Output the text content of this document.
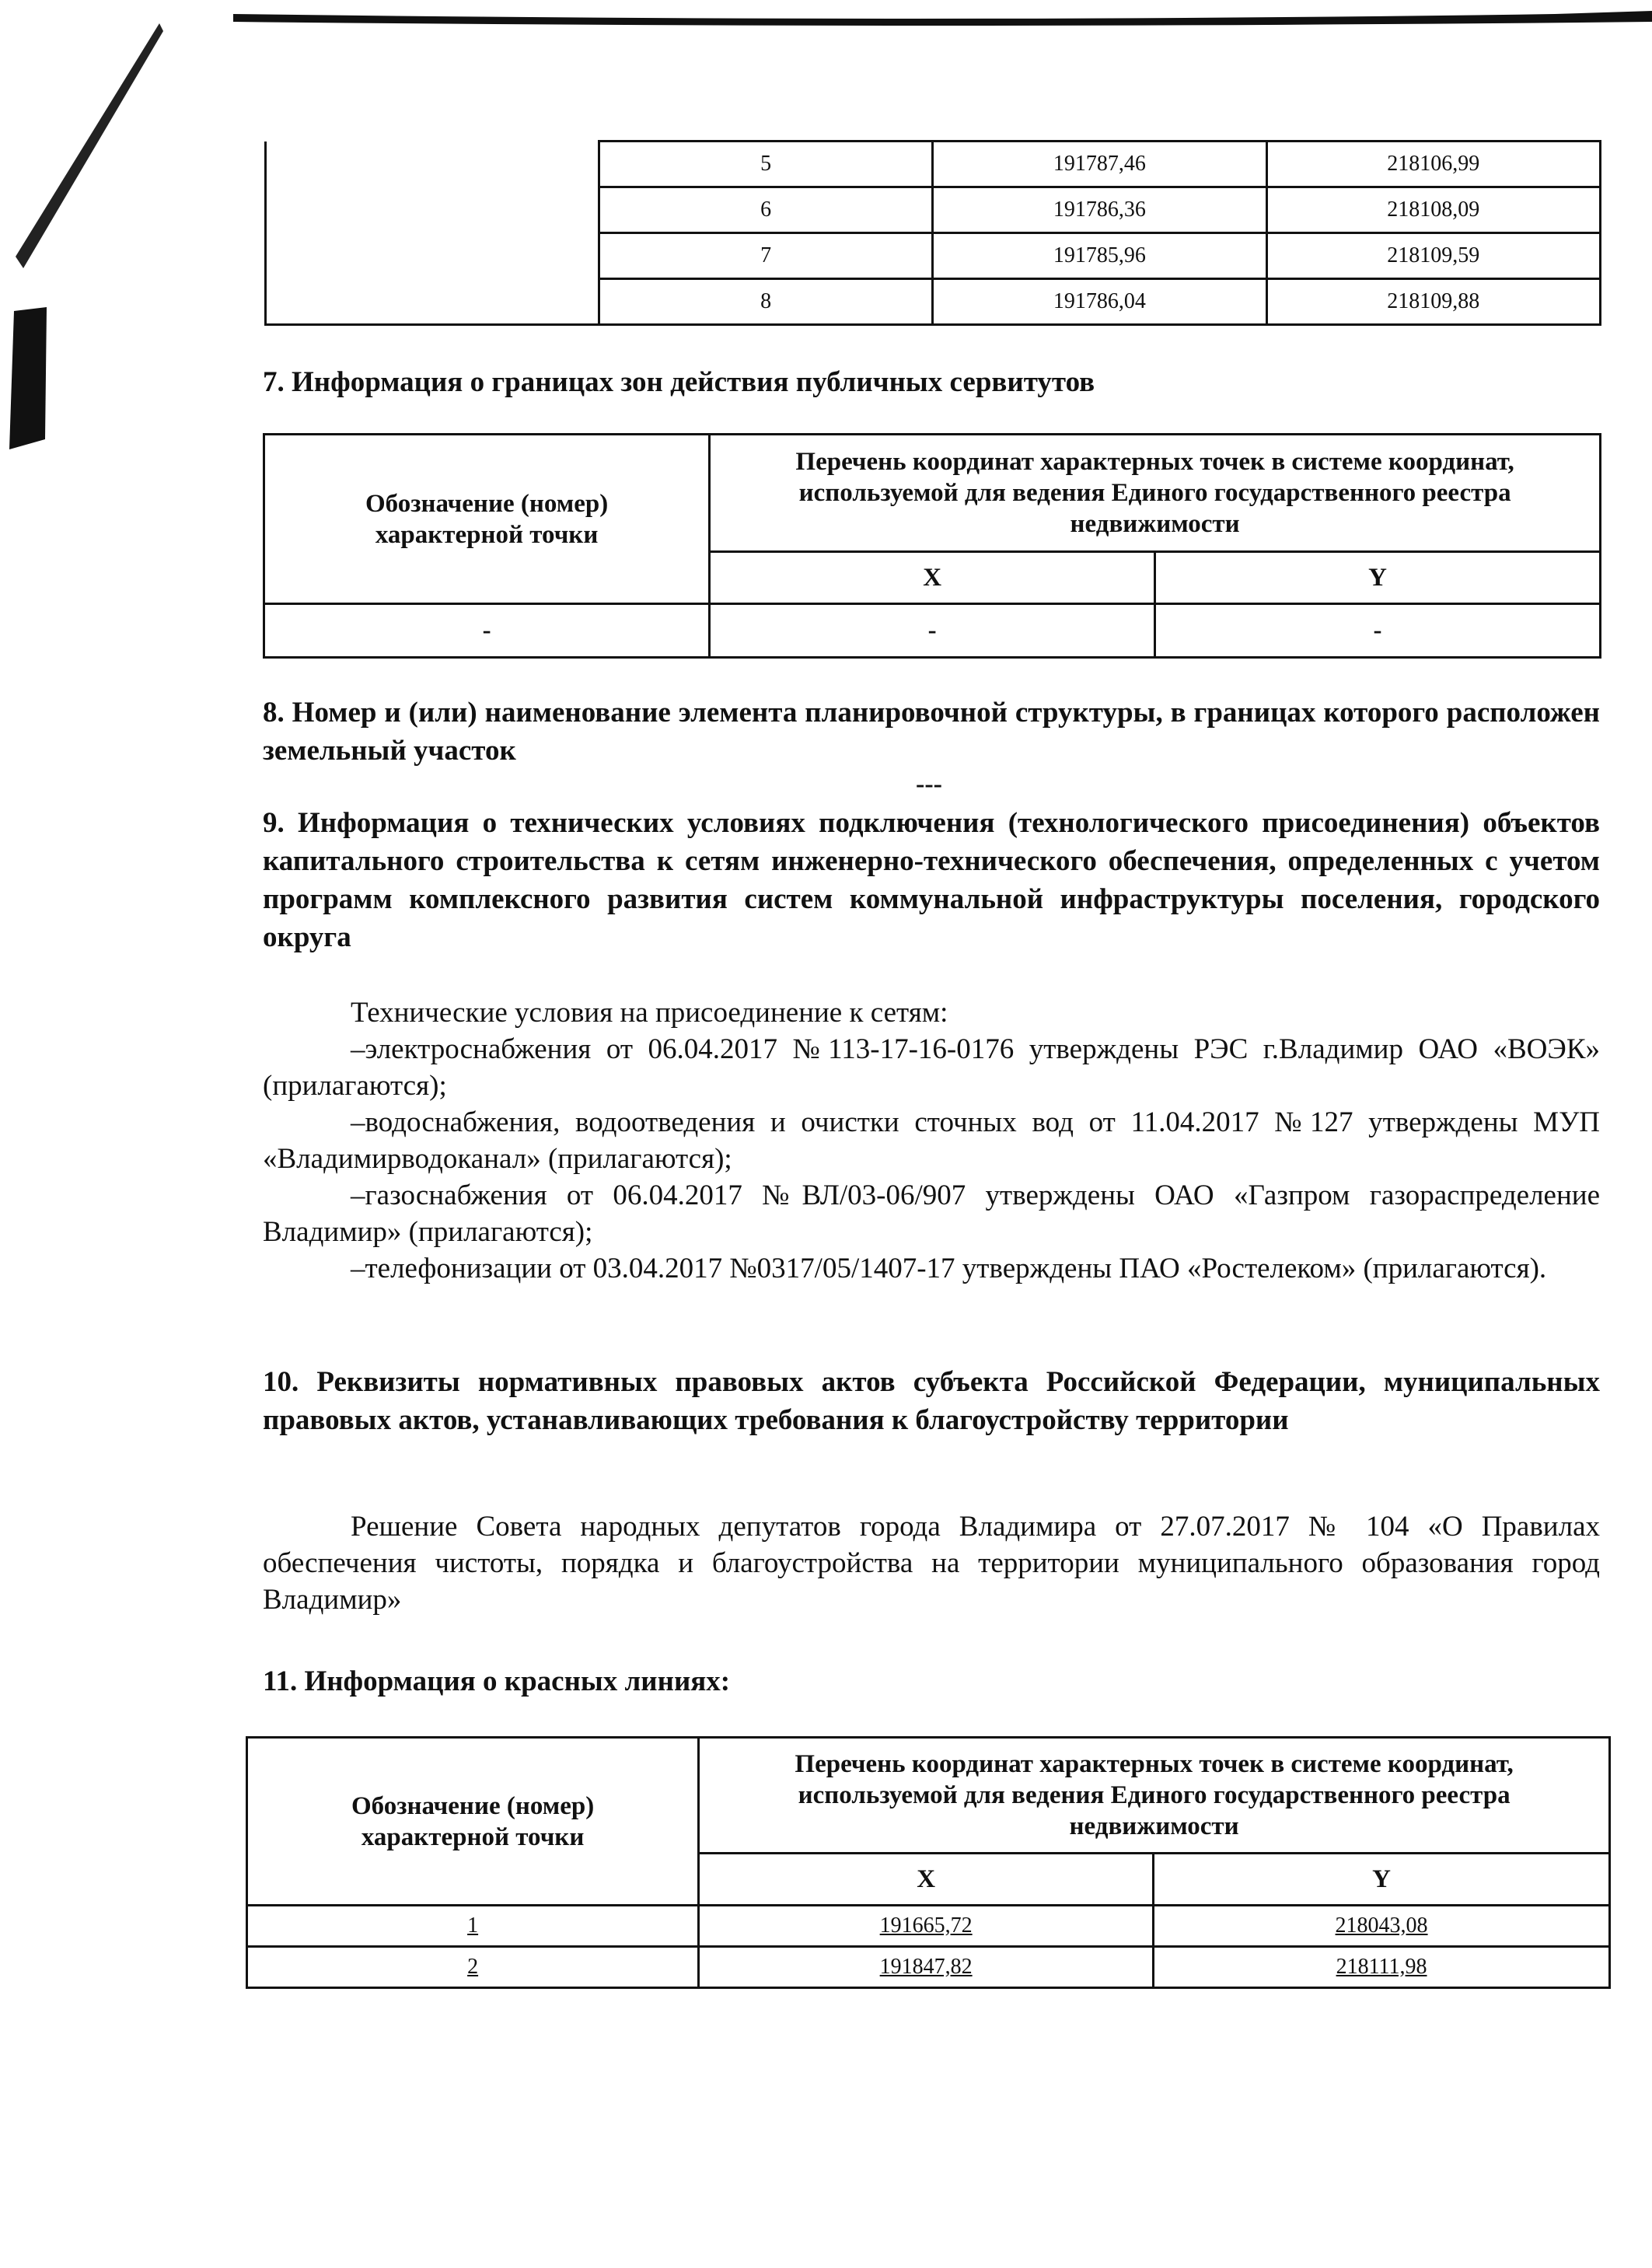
	5	191787,46	218106,99
	6	191786,36	218108,09
	7	191785,96	218109,59
	8	191786,04	218109,88
7. Информация о границах зон действия публичных сервитутов
Обозначение (номер) характерной точки	Перечень координат характерных точек в системе координат, используемой для ведения Единого государственного реестра недвижимости	
	X	Y
-	-	-
8. Номер и (или) наименование элемента планировочной структуры, в границах которого расположен земельный участок
---
9. Информация о технических условиях подключения (технологического присоединения) объектов капитального строительства к сетям инженерно-технического обеспечения, определенных с учетом программ комплексного развития систем коммунальной инфраструктуры поселения, городского округа

Технические условия на присоединение к сетям:

–электроснабжения от 06.04.2017 №113-17-16-0176 утверждены РЭС г.Владимир ОАО «ВОЭК» (прилагаются);

–водоснабжения, водоотведения и очистки сточных вод от 11.04.2017 №127 утверждены МУП «Владимирводоканал» (прилагаются);

–газоснабжения от 06.04.2017 №ВЛ/03-06/907 утверждены ОАО «Газпром газораспределение Владимир» (прилагаются);

–телефонизации от 03.04.2017 №0317/05/1407-17 утверждены ПАО «Ростелеком» (прилагаются).

10. Реквизиты нормативных правовых актов субъекта Российской Федерации, муниципальных правовых актов, устанавливающих требования к благоустройству территории

Решение Совета народных депутатов города Владимира от 27.07.2017 № 104 «О Правилах обеспечения чистоты, порядка и благоустройства на территории муниципального образования город Владимир»

11. Информация о красных линиях:
Обозначение (номер) характерной точки	Перечень координат характерных точек в системе координат, используемой для ведения Единого государственного реестра недвижимости	
	X	Y
1	191665,72	218043,08
2	191847,82	218111,98
